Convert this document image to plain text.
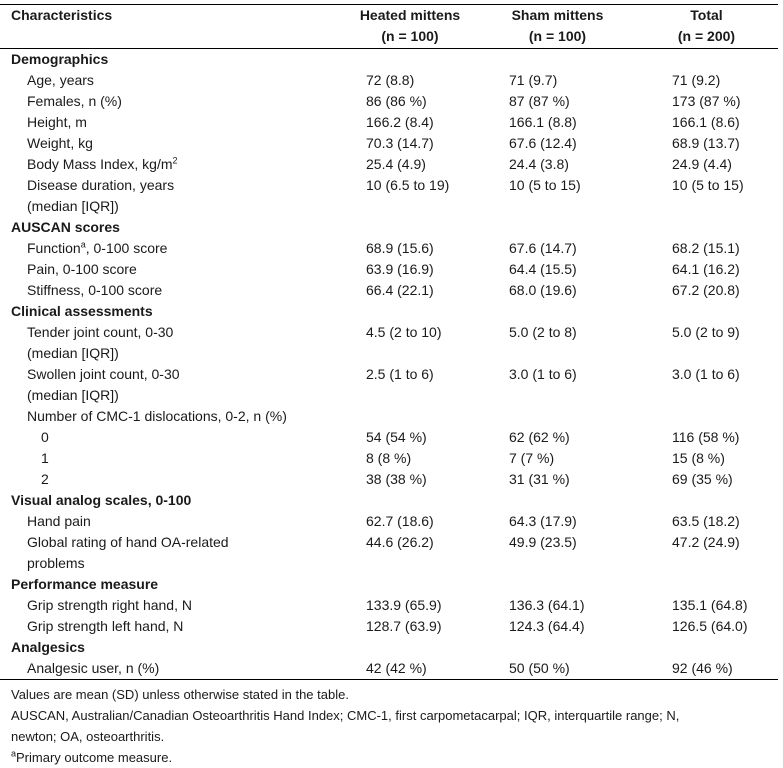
Characteristics	Heated mittens	Sham mittens	Total
	(n = 100)	(n = 100)	(n = 200)
Demographics			
Age, years	72 (8.8)	71 (9.7)	71 (9.2)
Females, n (%)	86 (86 %)	87 (87 %)	173 (87 %)
Height, m	166.2 (8.4)	166.1 (8.8)	166.1 (8.6)
Weight, kg	70.3 (14.7)	67.6 (12.4)	68.9 (13.7)
Body Mass Index, $kg/m^2$	25.4 (4.9)	24.4 (3.8)	24.9 (4.4)
Disease duration, years	10 (6.5 to 19)	10 (5 to 15)	10 (5 to 15)
(median [IQR])			
AUSCAN scores			
Function$^a$, 0-100 score	68.9 (15.6)	67.6 (14.7)	68.2 (15.1)
Pain, 0-100 score	63.9 (16.9)	64.4 (15.5)	64.1 (16.2)
Stiffness, 0-100 score	66.4 (22.1)	68.0 (19.6)	67.2 (20.8)
Clinical assessments			
Tender joint count, 0-30	4.5 (2 to 10)	5.0 (2 to 8)	5.0 (2 to 9)
(median [IQR])			
Swollen joint count, 0-30	2.5 (1 to 6)	3.0 (1 to 6)	3.0 (1 to 6)
(median [IQR])			
Number of CMC-1 dislocations, 0-2, n (%)			
0	54 (54 %)	62 (62 %)	116 (58 %)
1	8 (8 %)	7 (7 %)	15 (8 %)
2	38 (38 %)	31 (31 %)	69 (35 %)
Visual analog scales, 0-100			
Hand pain	62.7 (18.6)	64.3 (17.9)	63.5 (18.2)
Global rating of hand OA-related	44.6 (26.2)	49.9 (23.5)	47.2 (24.9)
problems			
Performance measure			
Grip strength right hand, N	133.9 (65.9)	136.3 (64.1)	135.1 (64.8)
Grip strength left hand, N	128.7 (63.9)	124.3 (64.4)	126.5 (64.0)
Analgesics			
Analgesic user, n (%)	42 (42 %)	50 (50 %)	92 (46 %)
Values are mean (SD) unless otherwise stated in the table.
AUSCAN, Australian/Canadian Osteoarthritis Hand Index; CMC-1, first carpometacarpal; IQR, interquartile range; N,
newton; OA, osteoarthritis.
$^a$Primary outcome measure.
